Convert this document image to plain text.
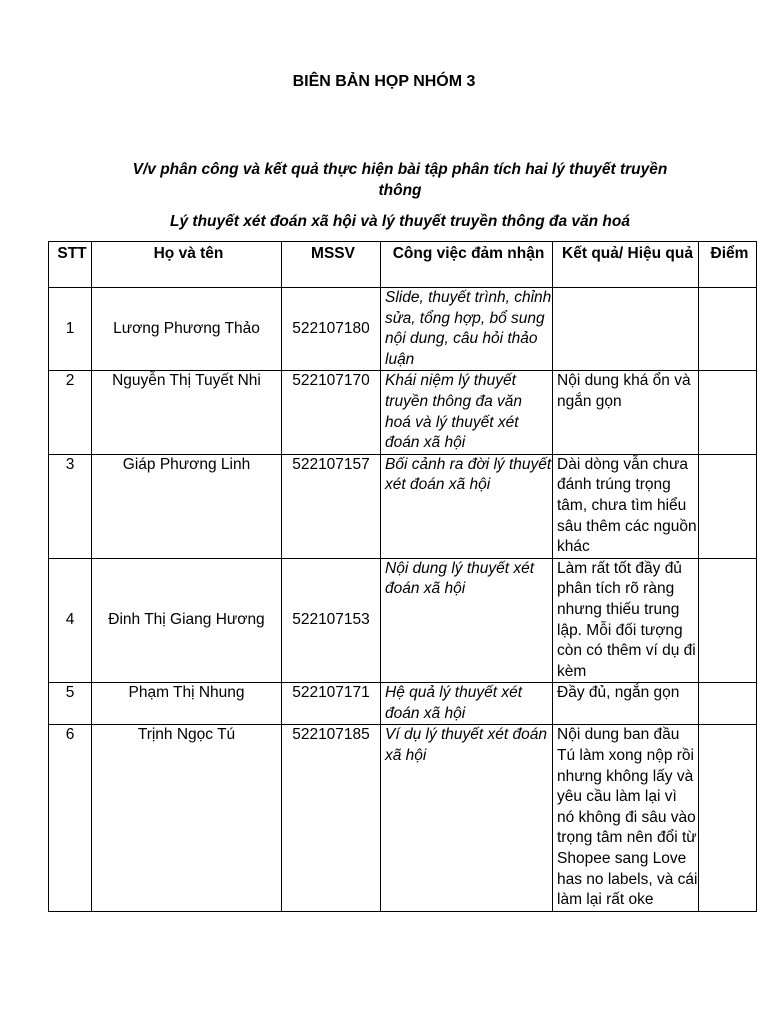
BIÊN BẢN HỌP NHÓM 3
V/v phân công và kết quả thực hiện bài tập phân tích hai lý thuyết truyền thông
Lý thuyết xét đoán xã hội và lý thuyết truyền thông đa văn hoá
STT	Họ và tên	MSSV	Công việc đảm nhận	Kết quả/ Hiệu quả	Điểm
1	Lương Phương Thảo	522107180	Slide, thuyết trình, chỉnh sửa, tổng hợp, bổ sung nội dung, câu hỏi thảo luận		
2	Nguyễn Thị Tuyết Nhi	522107170	Khái niệm lý thuyết truyền thông đa văn hoá và lý thuyết xét đoán xã hội	Nội dung khá ổn và ngắn gọn	
3	Giáp Phương Linh	522107157	Bối cảnh ra đời lý thuyết xét đoán xã hội	Dài dòng vẫn chưa đánh trúng trọng tâm, chưa tìm hiểu sâu thêm các nguồn khác	
4	Đinh Thị Giang Hương	522107153	Nội dung lý thuyết xét đoán xã hội	Làm rất tốt đầy đủ phân tích rõ ràng nhưng thiếu trung lập. Mỗi đối tượng còn có thêm ví dụ đi kèm	
5	Phạm Thị Nhung	522107171	Hệ quả lý thuyết xét đoán xã hội	Đầy đủ, ngắn gọn	
6	Trịnh Ngọc Tú	522107185	Ví dụ lý thuyết xét đoán xã hội	Nội dung ban đầu Tú làm xong nộp rồi nhưng không lấy và yêu cầu làm lại vì nó không đi sâu vào trọng tâm nên đổi từ Shopee sang Love has no labels, và cái làm lại rất oke	
